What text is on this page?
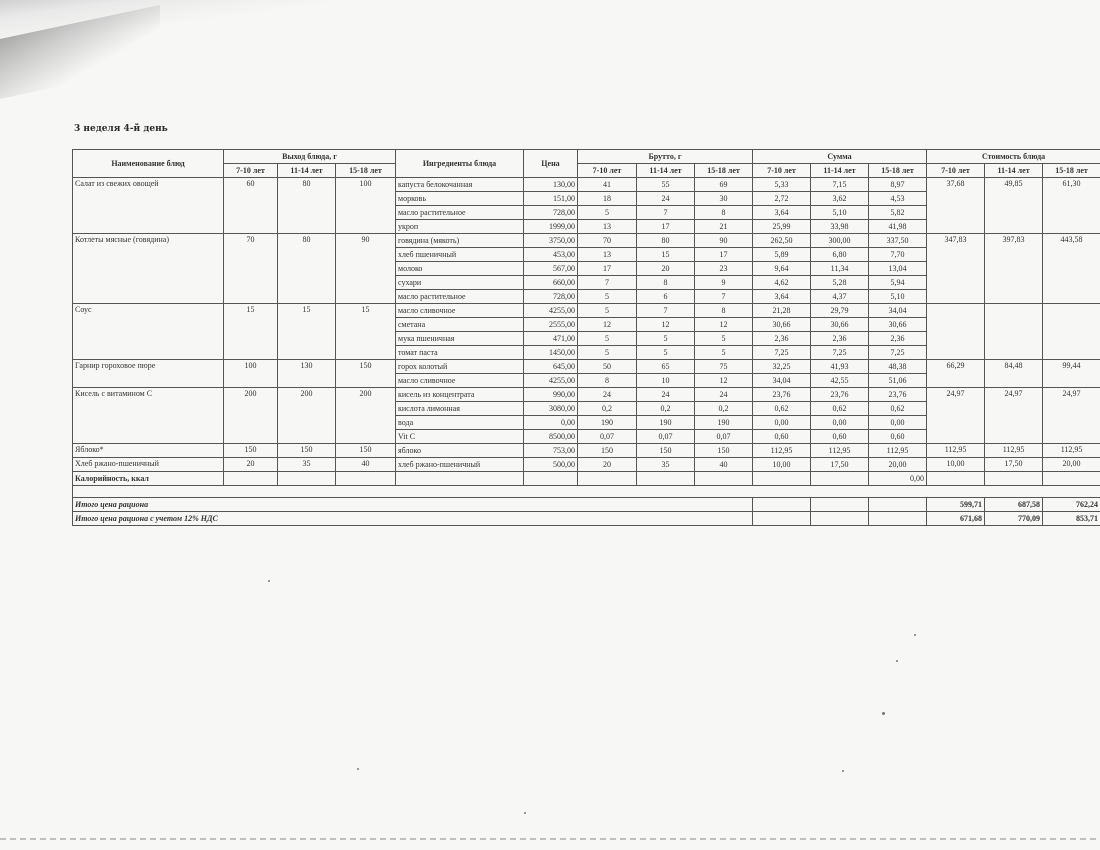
3 неделя 4-й день
Наименование блюд	Выход блюда, г			Ингредиенты блюда	Цена	Брутто, г			Сумма			Стоимость блюда		
	7-10 лет	11-14 лет	15-18 лет			7-10 лет	11-14 лет	15-18 лет	7-10 лет	11-14 лет	15-18 лет	7-10 лет	11-14 лет	15-18 лет
Салат из свежих овощей	60	80	100	капуста белокочанная	130,00	41	55	69	5,33	7,15	8,97	37,68	49,85	61,30
				морковь	151,00	18	24	30	2,72	3,62	4,53			
				масло растительное	728,00	5	7	8	3,64	5,10	5,82			
				укроп	1999,00	13	17	21	25,99	33,98	41,98			
Котлеты мясные (говядина)	70	80	90	говядина (мякоть)	3750,00	70	80	90	262,50	300,00	337,50	347,83	397,83	443,58
				хлеб пшеничный	453,00	13	15	17	5,89	6,80	7,70			
				молоко	567,00	17	20	23	9,64	11,34	13,04			
				сухари	660,00	7	8	9	4,62	5,28	5,94			
				масло растительное	728,00	5	6	7	3,64	4,37	5,10			
Соус	15	15	15	масло сливочное	4255,00	5	7	8	21,28	29,79	34,04			
				сметана	2555,00	12	12	12	30,66	30,66	30,66			
				мука пшеничная	471,00	5	5	5	2,36	2,36	2,36			
				томат паста	1450,00	5	5	5	7,25	7,25	7,25			
Гарнир гороховое пюре	100	130	150	горох колотый	645,00	50	65	75	32,25	41,93	48,38	66,29	84,48	99,44
				масло сливочное	4255,00	8	10	12	34,04	42,55	51,06			
Кисель с витамином С	200	200	200	кисель из концентрата	990,00	24	24	24	23,76	23,76	23,76	24,97	24,97	24,97
				кислота лимонная	3080,00	0,2	0,2	0,2	0,62	0,62	0,62			
				вода	0,00	190	190	190	0,00	0,00	0,00			
				Vit C	8500,00	0,07	0,07	0,07	0,60	0,60	0,60			
Яблоко*	150	150	150	яблоко	753,00	150	150	150	112,95	112,95	112,95	112,95	112,95	112,95
Хлеб ржано-пшеничный	20	35	40	хлеб ржано-пшеничный	500,00	20	35	40	10,00	17,50	20,00	10,00	17,50	20,00
Калорийность, ккал											0,00			

Итого цена рациона												599,71	687,58	762,24
Итого цена рациона с учетом 12% НДС												671,68	770,09	853,71
